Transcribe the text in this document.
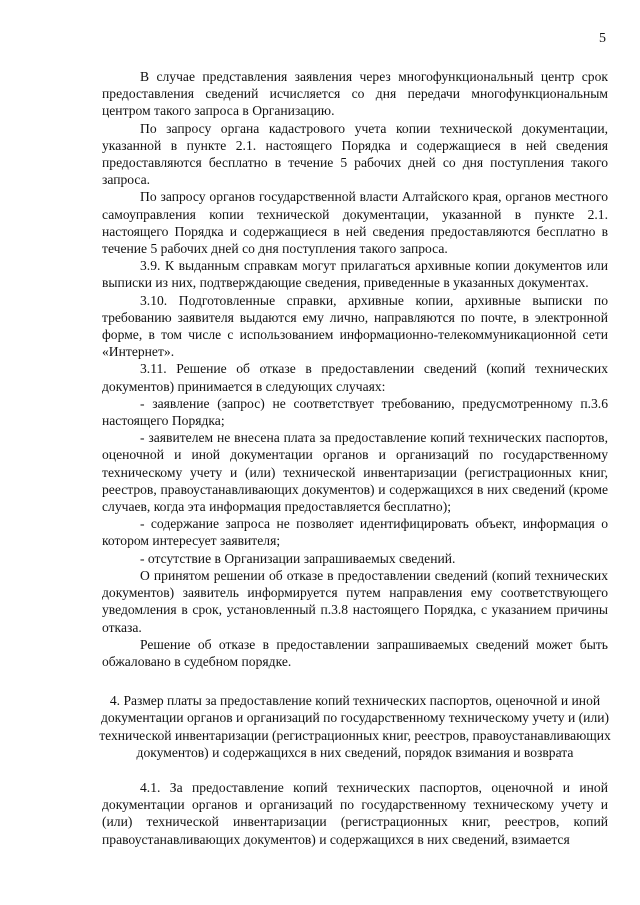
5

В случае представления заявления через многофункциональный центр срок предоставления сведений исчисляется со дня передачи многофункциональным центром такого запроса в Организацию.

По запросу органа кадастрового учета копии технической документации, указанной в пункте 2.1. настоящего Порядка и содержащиеся в ней сведения предоставляются бесплатно в течение 5 рабочих дней со дня поступления такого запроса.

По запросу органов государственной власти Алтайского края, органов местного самоуправления копии технической документации, указанной в пункте 2.1. настоящего Порядка и содержащиеся в ней сведения предоставляются бесплатно в течение 5 рабочих дней со дня поступления такого запроса.

3.9. К выданным справкам могут прилагаться архивные копии документов или выписки из них, подтверждающие сведения, приведенные в указанных документах.

3.10. Подготовленные справки, архивные копии, архивные выписки по требованию заявителя выдаются ему лично, направляются по почте, в электронной форме, в том числе с использованием информационно-телекоммуникационной сети «Интернет».

3.11. Решение об отказе в предоставлении сведений (копий технических документов) принимается в следующих случаях:

- заявление (запрос) не соответствует требованию, предусмотренному п.3.6 настоящего Порядка;

- заявителем не внесена плата за предоставление копий технических паспортов, оценочной и иной документации органов и организаций по государственному техническому учету и (или) технической инвентаризации (регистрационных книг, реестров, правоустанавливающих документов) и содержащихся в них сведений (кроме случаев, когда эта информация предоставляется бесплатно);

- содержание запроса не позволяет идентифицировать объект, информация о котором интересует заявителя;

- отсутствие в Организации запрашиваемых сведений.

О принятом решении об отказе в предоставлении сведений (копий технических документов) заявитель информируется путем направления ему соответствующего уведомления в срок, установленный п.3.8 настоящего Порядка, с указанием причины отказа.

Решение об отказе в предоставлении запрашиваемых сведений может быть обжаловано в судебном порядке.

4. Размер платы за предоставление копий технических паспортов, оценочной и иной документации органов и организаций по государственному техническому учету и (или) технической инвентаризации (регистрационных книг, реестров, правоустанавливающих документов) и содержащихся в них сведений, порядок взимания и возврата

4.1. За предоставление копий технических паспортов, оценочной и иной документации органов и организаций по государственному техническому учету и (или) технической инвентаризации (регистрационных книг, реестров, копий правоустанавливающих документов) и содержащихся в них сведений, взимается
